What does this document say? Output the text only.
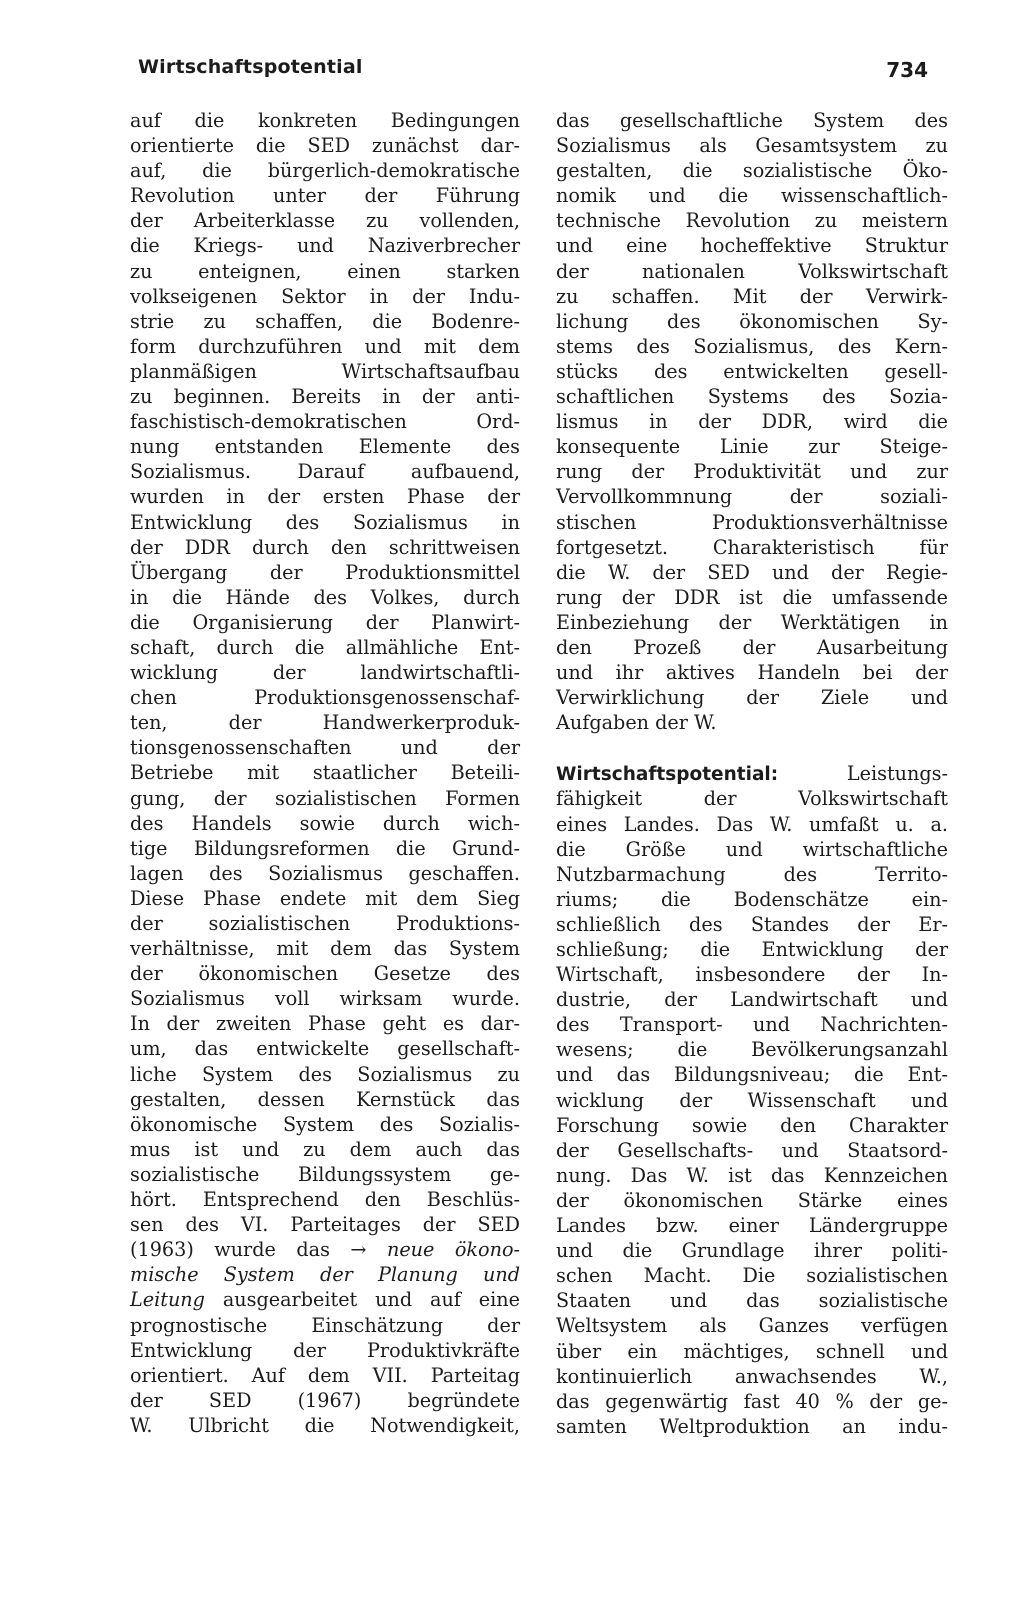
Wirtschaftspotential	734
auf die konkreten Bedingungen
orientierte die SED zunächst dar-
auf, die bürgerlich-demokratische
Revolution unter der Führung
der Arbeiterklasse zu vollenden,
die Kriegs- und Naziverbrecher
zu enteignen, einen starken
volkseigenen Sektor in der Indu-
strie zu schaffen, die Bodenre-
form durchzuführen und mit dem
planmäßigen Wirtschaftsaufbau
zu beginnen. Bereits in der anti-
faschistisch-demokratischen Ord-
nung entstanden Elemente des
Sozialismus. Darauf aufbauend,
wurden in der ersten Phase der
Entwicklung des Sozialismus in
der DDR durch den schrittweisen
Übergang der Produktionsmittel
in die Hände des Volkes, durch
die Organisierung der Planwirt-
schaft, durch die allmähliche Ent-
wicklung der landwirtschaftli-
chen Produktionsgenossenschaf-
ten, der Handwerkerproduk-
tionsgenossenschaften und der
Betriebe mit staatlicher Beteili-
gung, der sozialistischen Formen
des Handels sowie durch wich-
tige Bildungsreformen die Grund-
lagen des Sozialismus geschaffen.
Diese Phase endete mit dem Sieg
der sozialistischen Produktions-
verhältnisse, mit dem das System
der ökonomischen Gesetze des
Sozialismus voll wirksam wurde.
In der zweiten Phase geht es dar-
um, das entwickelte gesellschaft-
liche System des Sozialismus zu
gestalten, dessen Kernstück das
ökonomische System des Sozialis-
mus ist und zu dem auch das
sozialistische Bildungssystem ge-
hört. Entsprechend den Beschlüs-
sen des VI. Parteitages der SED
(1963) wurde das → neue ökono-
mische System der Planung und
Leitung ausgearbeitet und auf eine
prognostische Einschätzung der
Entwicklung der Produktivkräfte
orientiert. Auf dem VII. Parteitag
der SED (1967) begründete
W. Ulbricht die Notwendigkeit,
das gesellschaftliche System des
Sozialismus als Gesamtsystem zu
gestalten, die sozialistische Öko-
nomik und die wissenschaftlich-
technische Revolution zu meistern
und eine hocheffektive Struktur
der nationalen Volkswirtschaft
zu schaffen. Mit der Verwirk-
lichung des ökonomischen Sy-
stems des Sozialismus, des Kern-
stücks des entwickelten gesell-
schaftlichen Systems des Sozia-
lismus in der DDR, wird die
konsequente Linie zur Steige-
rung der Produktivität und zur
Vervollkommnung der soziali-
stischen Produktionsverhältnisse
fortgesetzt. Charakteristisch für
die W. der SED und der Regie-
rung der DDR ist die umfassende
Einbeziehung der Werktätigen in
den Prozeß der Ausarbeitung
und ihr aktives Handeln bei der
Verwirklichung der Ziele und
Aufgaben der W.
Wirtschaftspotential: Leistungs-
fähigkeit der Volkswirtschaft
eines Landes. Das W. umfaßt u. a.
die Größe und wirtschaftliche
Nutzbarmachung des Territo-
riums; die Bodenschätze ein-
schließlich des Standes der Er-
schließung; die Entwicklung der
Wirtschaft, insbesondere der In-
dustrie, der Landwirtschaft und
des Transport- und Nachrichten-
wesens; die Bevölkerungsanzahl
und das Bildungsniveau; die Ent-
wicklung der Wissenschaft und
Forschung sowie den Charakter
der Gesellschafts- und Staatsord-
nung. Das W. ist das Kennzeichen
der ökonomischen Stärke eines
Landes bzw. einer Ländergruppe
und die Grundlage ihrer politi-
schen Macht. Die sozialistischen
Staaten und das sozialistische
Weltsystem als Ganzes verfügen
über ein mächtiges, schnell und
kontinuierlich anwachsendes W.,
das gegenwärtig fast 40 % der ge-
samten Weltproduktion an indu-
